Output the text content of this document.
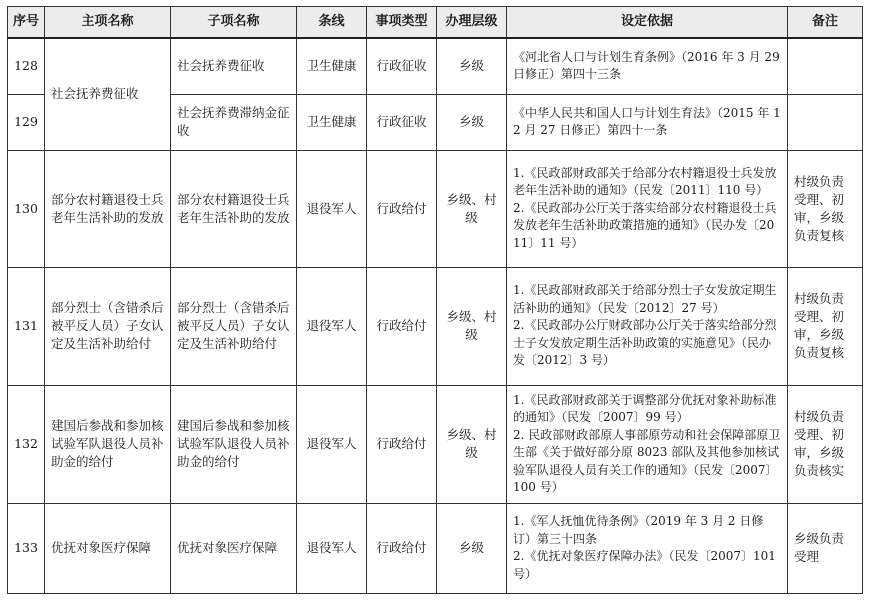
序号	主项名称	子项名称	条线	事项类型	办理层级	设定依据	备注
128	社会抚养费征收	社会抚养费征收	卫生健康	行政征收	乡级	《河北省人口与计划生育条例》（2016 年 3 月 29 日修正）第四十三条	
129		社会抚养费滞纳金征收	卫生健康	行政征收	乡级	《中华人民共和国人口与计划生育法》（2015 年 12 月 27 日修正）第四十一条	
130	部分农村籍退役士兵老年生活补助的发放	部分农村籍退役士兵老年生活补助的发放	退役军人	行政给付	乡级、村级	1.《民政部财政部关于给部分农村籍退役士兵发放老年生活补助的通知》（民发〔2011〕110 号）
2.《民政部办公厅关于落实给部分农村籍退役士兵发放老年生活补助政策措施的通知》（民办发〔2011〕11 号）	村级负责受理、初审，乡级负责复核
131	部分烈士（含错杀后被平反人员）子女认定及生活补助给付	部分烈士（含错杀后被平反人员）子女认定及生活补助给付	退役军人	行政给付	乡级、村级	1.《民政部财政部关于给部分烈士子女发放定期生活补助的通知》（民发〔2012〕27 号）
2.《民政部办公厅财政部办公厅关于落实给部分烈士子女发放定期生活补助政策的实施意见》（民办发〔2012〕3 号）	村级负责受理、初审，乡级负责复核
132	建国后参战和参加核试验军队退役人员补助金的给付	建国后参战和参加核试验军队退役人员补助金的给付	退役军人	行政给付	乡级、村级	1.《民政部财政部关于调整部分优抚对象补助标准的通知》（民发〔2007〕99 号）
2. 民政部财政部原人事部原劳动和社会保障部原卫生部《关于做好部分原 8023 部队及其他参加核试验军队退役人员有关工作的通知》（民发〔2007〕100 号）	村级负责受理、初审，乡级负责核实
133	优抚对象医疗保障	优抚对象医疗保障	退役军人	行政给付	乡级	1.《军人抚恤优待条例》（2019 年 3 月 2 日修订）第三十四条
2.《优抚对象医疗保障办法》（民发〔2007〕101 号）	乡级负责受理
